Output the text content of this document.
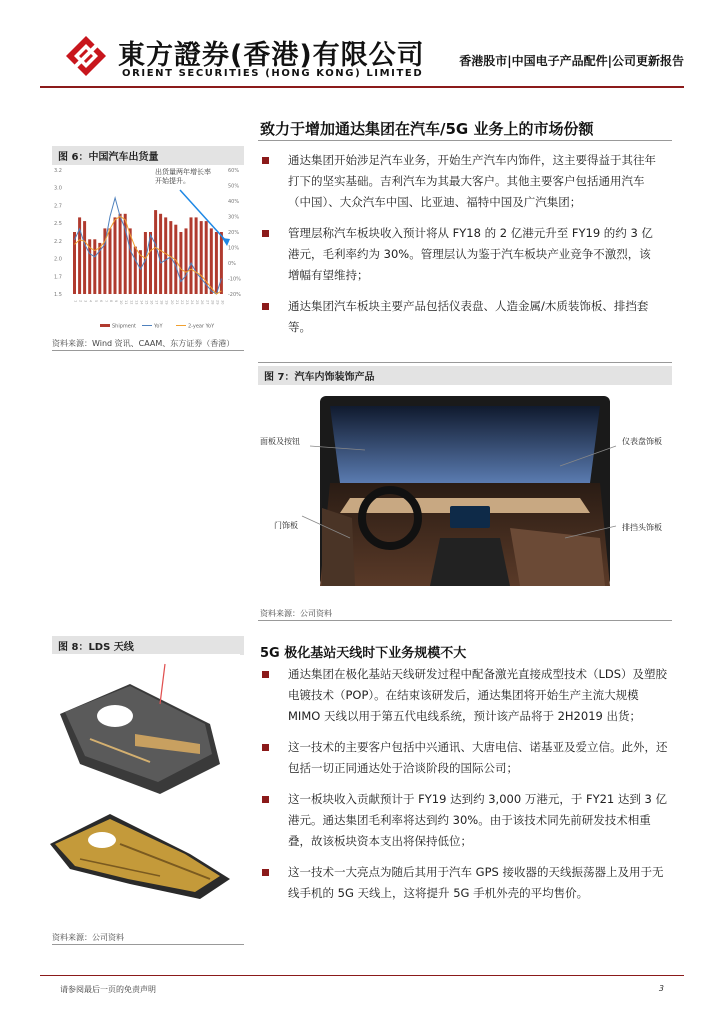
東方證券(香港)有限公司
ORIENT SECURITIES (HONG KONG) LIMITED
香港股市|中国电子产品配件|公司更新报告
致力于增加通达集团在汽车/5G 业务上的市场份额
图 6：中国汽车出货量
1 2 3 4 5 6 7 8 9 10 11 12 13 14 15 16 17 18 19 20 21 22 23 24 25 26 27 28 29 30
3.2
3.0
2.7
2.5
2.2
2.0
1.7
1.5
60%
50%
40%
30%
20%
10%
0%
-10%
-20%
出货量两年增长率
开始提升。
Shipment	YoY	2-year YoY
资料来源：Wind 资讯、CAAM、东方证券（香港）
通达集团开始涉足汽车业务，开始生产汽车内饰件，这主要得益于其往年打下的坚实基础。吉利汽车为其最大客户。其他主要客户包括通用汽车（中国）、大众汽车中国、比亚迪、福特中国及广汽集团；
管理层称汽车板块收入预计将从 FY18 的 2 亿港元升至 FY19 的约 3 亿港元，毛利率约为 30%。管理层认为鉴于汽车板块产业竞争不激烈，该增幅有望维持；
通达集团汽车板块主要产品包括仪表盘、人造金属/木质装饰板、排挡套等。
图 7：汽车内饰装饰产品
面板及按钮
门饰板
仪表盘饰板
排挡头饰板
资料来源：公司资料
图 8：LDS 天线
资料来源：公司资料
5G 极化基站天线时下业务规模不大
通达集团在极化基站天线研发过程中配备激光直接成型技术（LDS）及塑胶电镀技术（POP）。在结束该研发后，通达集团将开始生产主流大规模 MIMO 天线以用于第五代电线系统，预计该产品将于 2H2019 出货；
这一技术的主要客户包括中兴通讯、大唐电信、诺基亚及爱立信。此外，还包括一切正同通达处于洽谈阶段的国际公司；
这一板块收入贡献预计于 FY19 达到约 3,000 万港元，于 FY21 达到 3 亿港元。通达集团毛利率将达到约 30%。由于该技术同先前研发技术相重叠，故该板块资本支出将保持低位；
这一技术一大亮点为随后其用于汽车 GPS 接收器的天线振荡器上及用于无线手机的 5G 天线上，这将提升 5G 手机外壳的平均售价。
请参阅最后一页的免责声明	3
